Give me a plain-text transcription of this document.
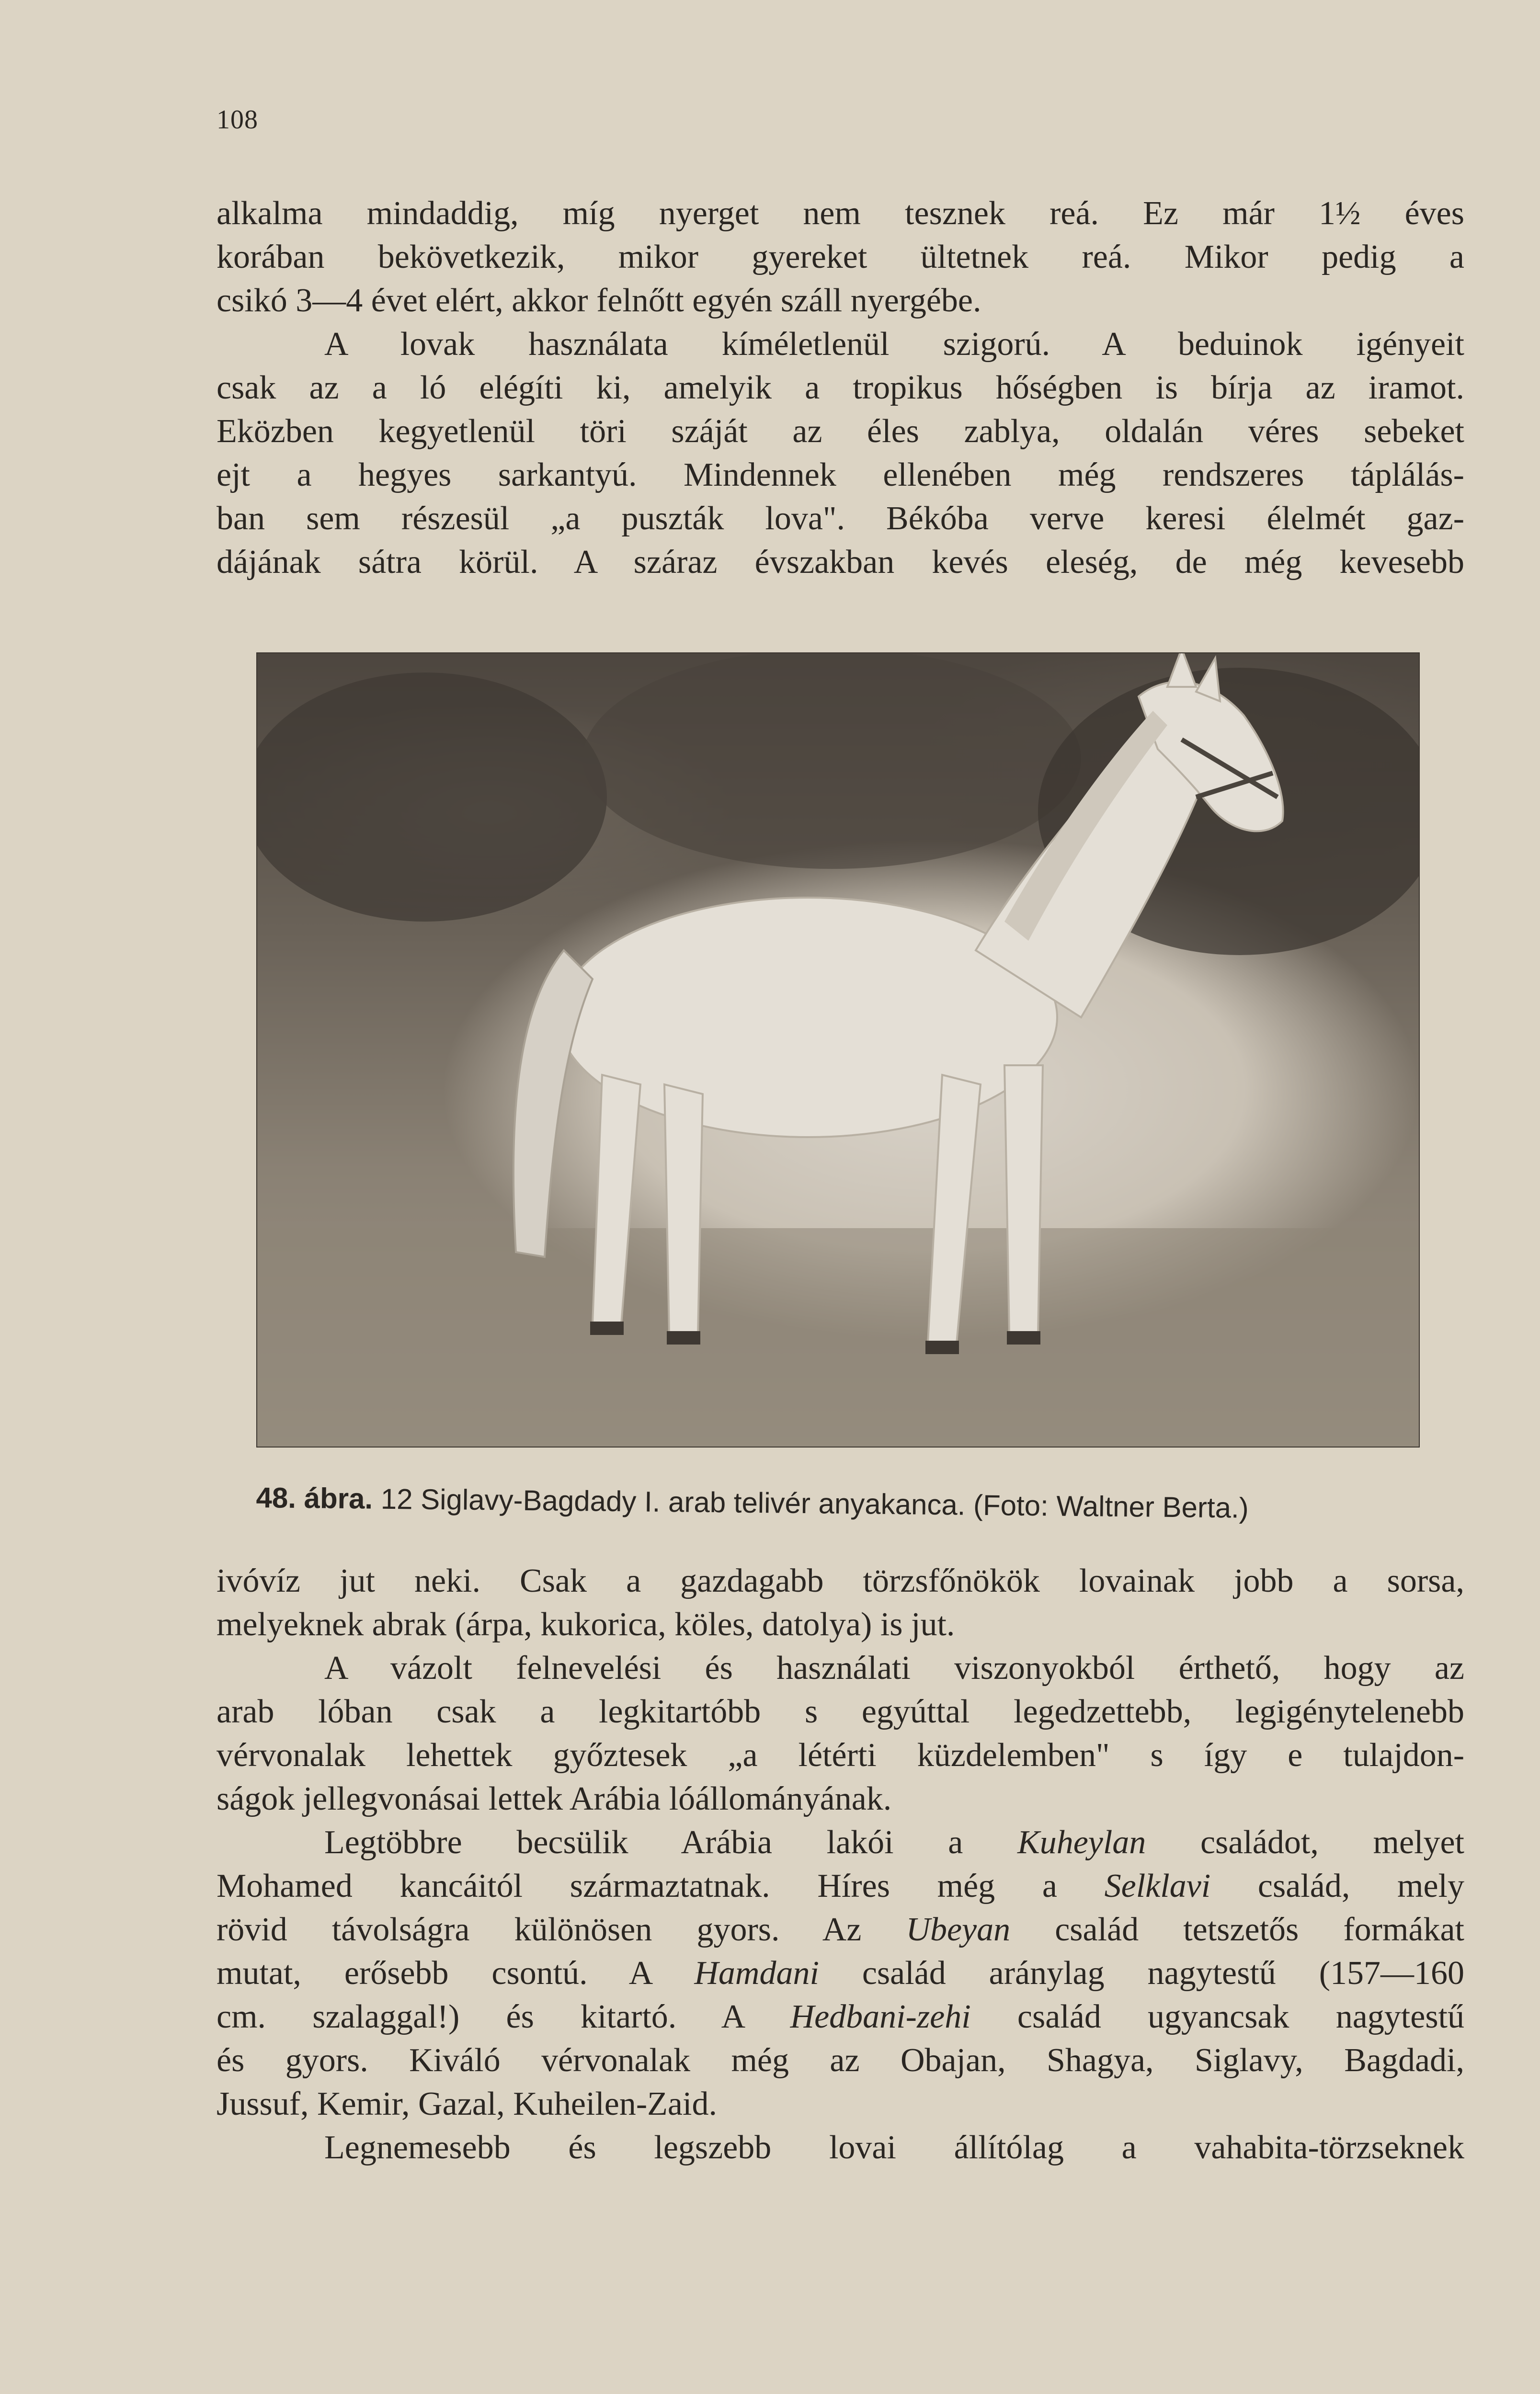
108
alkalma mindaddig, míg nyerget nem tesznek reá. Ez már 1½ éves
korában bekövetkezik, mikor gyereket ültetnek reá. Mikor pedig a
csikó 3—4 évet elért, akkor felnőtt egyén száll nyergébe.
A lovak használata kíméletlenül szigorú. A beduinok igényeit
csak az a ló elégíti ki, amelyik a tropikus hőségben is bírja az iramot.
Eközben kegyetlenül töri száját az éles zablya, oldalán véres sebeket
ejt a hegyes sarkantyú. Mindennek ellenében még rendszeres táplálás-
ban sem részesül „a puszták lova". Békóba verve keresi élelmét gaz-
dájának sátra körül. A száraz évszakban kevés eleség, de még kevesebb
48. ábra. 12 Siglavy-Bagdady I. arab telivér anyakanca. (Foto: Waltner Berta.)
ivóvíz jut neki. Csak a gazdagabb törzsfőnökök lovainak jobb a sorsa,
melyeknek abrak (árpa, kukorica, köles, datolya) is jut.
A vázolt felnevelési és használati viszonyokból érthető, hogy az
arab lóban csak a legkitartóbb s egyúttal legedzettebb, legigénytelenebb
vérvonalak lehettek győztesek „a létérti küzdelemben" s így e tulajdon-
ságok jellegvonásai lettek Arábia lóállományának.
Legtöbbre becsülik Arábia lakói a Kuheylan családot, melyet
Mohamed kancáitól származtatnak. Híres még a Selklavi család, mely
rövid távolságra különösen gyors. Az Ubeyan család tetszetős formákat
mutat, erősebb csontú. A Hamdani család aránylag nagytestű (157—160
cm. szalaggal!) és kitartó. A Hedbani-zehi család ugyancsak nagytestű
és gyors. Kiváló vérvonalak még az Obajan, Shagya, Siglavy, Bagdadi,
Jussuf, Kemir, Gazal, Kuheilen-Zaid.
Legnemesebb és legszebb lovai állítólag a vahabita-törzseknek
